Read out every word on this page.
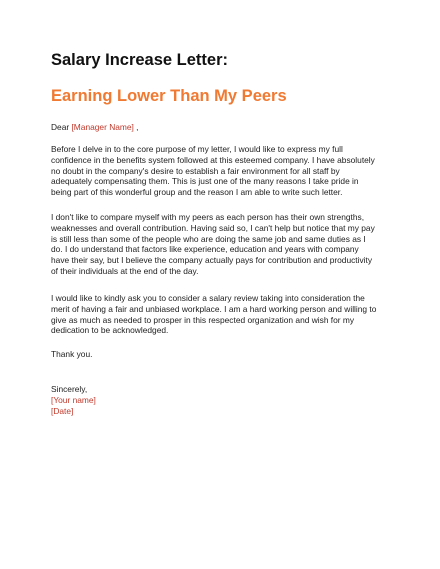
Salary Increase Letter:
Earning Lower Than My Peers
Dear [Manager Name] ,
Before I delve in to the core purpose of my letter, I would like to express my full
confidence in the benefits system followed at this esteemed company. I have absolutely
no doubt in the company's desire to establish a fair environment for all staff by
adequately compensating them. This is just one of the many reasons I take pride in
being part of this wonderful group and the reason I am able to write such letter.
I don't like to compare myself with my peers as each person has their own strengths,
weaknesses and overall contribution. Having said so, I can't help but notice that my pay
is still less than some of the people who are doing the same job and same duties as I
do. I do understand that factors like experience, education and years with company
have their say, but I believe the company actually pays for contribution and productivity
of their individuals at the end of the day.
I would like to kindly ask you to consider a salary review taking into consideration the
merit of having a fair and unbiased workplace. I am a hard working person and willing to
give as much as needed to prosper in this respected organization and wish for my
dedication to be acknowledged.
Thank you.
Sincerely,
[Your name]
[Date]
